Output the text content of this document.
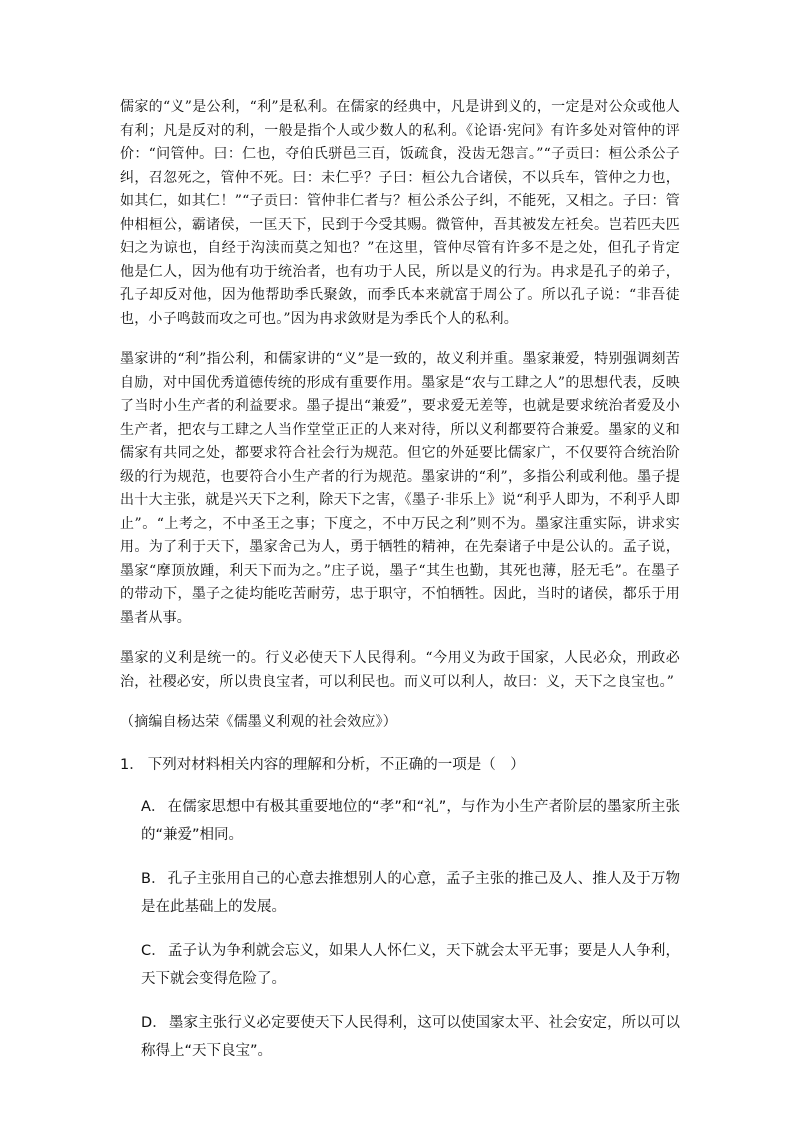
儒家的“义”是公利，“利”是私利。在儒家的经典中，凡是讲到义的，一定是对公众或他人有利；凡是反对的利，一般是指个人或少数人的私利。《论语·宪问》有许多处对管仲的评价：“问管仲。曰：仁也，夺伯氏骈邑三百，饭疏食，没齿无怨言。”“子贡曰：桓公杀公子纠，召忽死之，管仲不死。曰：未仁乎？子曰：桓公九合诸侯，不以兵车，管仲之力也，如其仁，如其仁！”“子贡曰：管仲非仁者与？桓公杀公子纠，不能死，又相之。子曰：管仲相桓公，霸诸侯，一匡天下，民到于今受其赐。微管仲，吾其被发左衽矣。岂若匹夫匹妇之为谅也，自经于沟渎而莫之知也？”在这里，管仲尽管有许多不是之处，但孔子肯定他是仁人，因为他有功于统治者，也有功于人民，所以是义的行为。冉求是孔子的弟子，孔子却反对他，因为他帮助季氏聚敛，而季氏本来就富于周公了。所以孔子说：“非吾徒也，小子鸣鼓而攻之可也。”因为冉求敛财是为季氏个人的私利。

墨家讲的“利”指公利，和儒家讲的“义”是一致的，故义利并重。墨家兼爱，特别强调刻苦自励，对中国优秀道德传统的形成有重要作用。墨家是“农与工肆之人”的思想代表，反映了当时小生产者的利益要求。墨子提出“兼爱”，要求爱无差等，也就是要求统治者爱及小生产者，把农与工肆之人当作堂堂正正的人来对待，所以义利都要符合兼爱。墨家的义和儒家有共同之处，都要求符合社会行为规范。但它的外延要比儒家广，不仅要符合统治阶级的行为规范，也要符合小生产者的行为规范。墨家讲的“利”，多指公利或利他。墨子提出十大主张，就是兴天下之利，除天下之害，《墨子·非乐上》说“利乎人即为，不利乎人即止”。“上考之，不中圣王之事；下度之，不中万民之利”则不为。墨家注重实际，讲求实用。为了利于天下，墨家舍己为人，勇于牺牲的精神，在先秦诸子中是公认的。孟子说，墨家“摩顶放踵，利天下而为之。”庄子说，墨子“其生也勤，其死也薄，胫无毛”。在墨子的带动下，墨子之徒均能吃苦耐劳，忠于职守，不怕牺牲。因此，当时的诸侯，都乐于用墨者从事。

墨家的义利是统一的。行义必使天下人民得利。“今用义为政于国家，人民必众，刑政必治，社稷必安，所以贵良宝者，可以利民也。而义可以利人，故曰：义，天下之良宝也。”

（摘编自杨达荣《儒墨义利观的社会效应》）

1． 下列对材料相关内容的理解和分析，不正确的一项是（　）
A． 在儒家思想中有极其重要地位的“孝”和“礼”，与作为小生产者阶层的墨家所主张的“兼爱”相同。
B． 孔子主张用自己的心意去推想别人的心意，孟子主张的推己及人、推人及于万物是在此基础上的发展。
C． 孟子认为争利就会忘义，如果人人怀仁义，天下就会太平无事；要是人人争利，天下就会变得危险了。
D． 墨家主张行义必定要使天下人民得利，这可以使国家太平、社会安定，所以可以称得上“天下良宝”。
